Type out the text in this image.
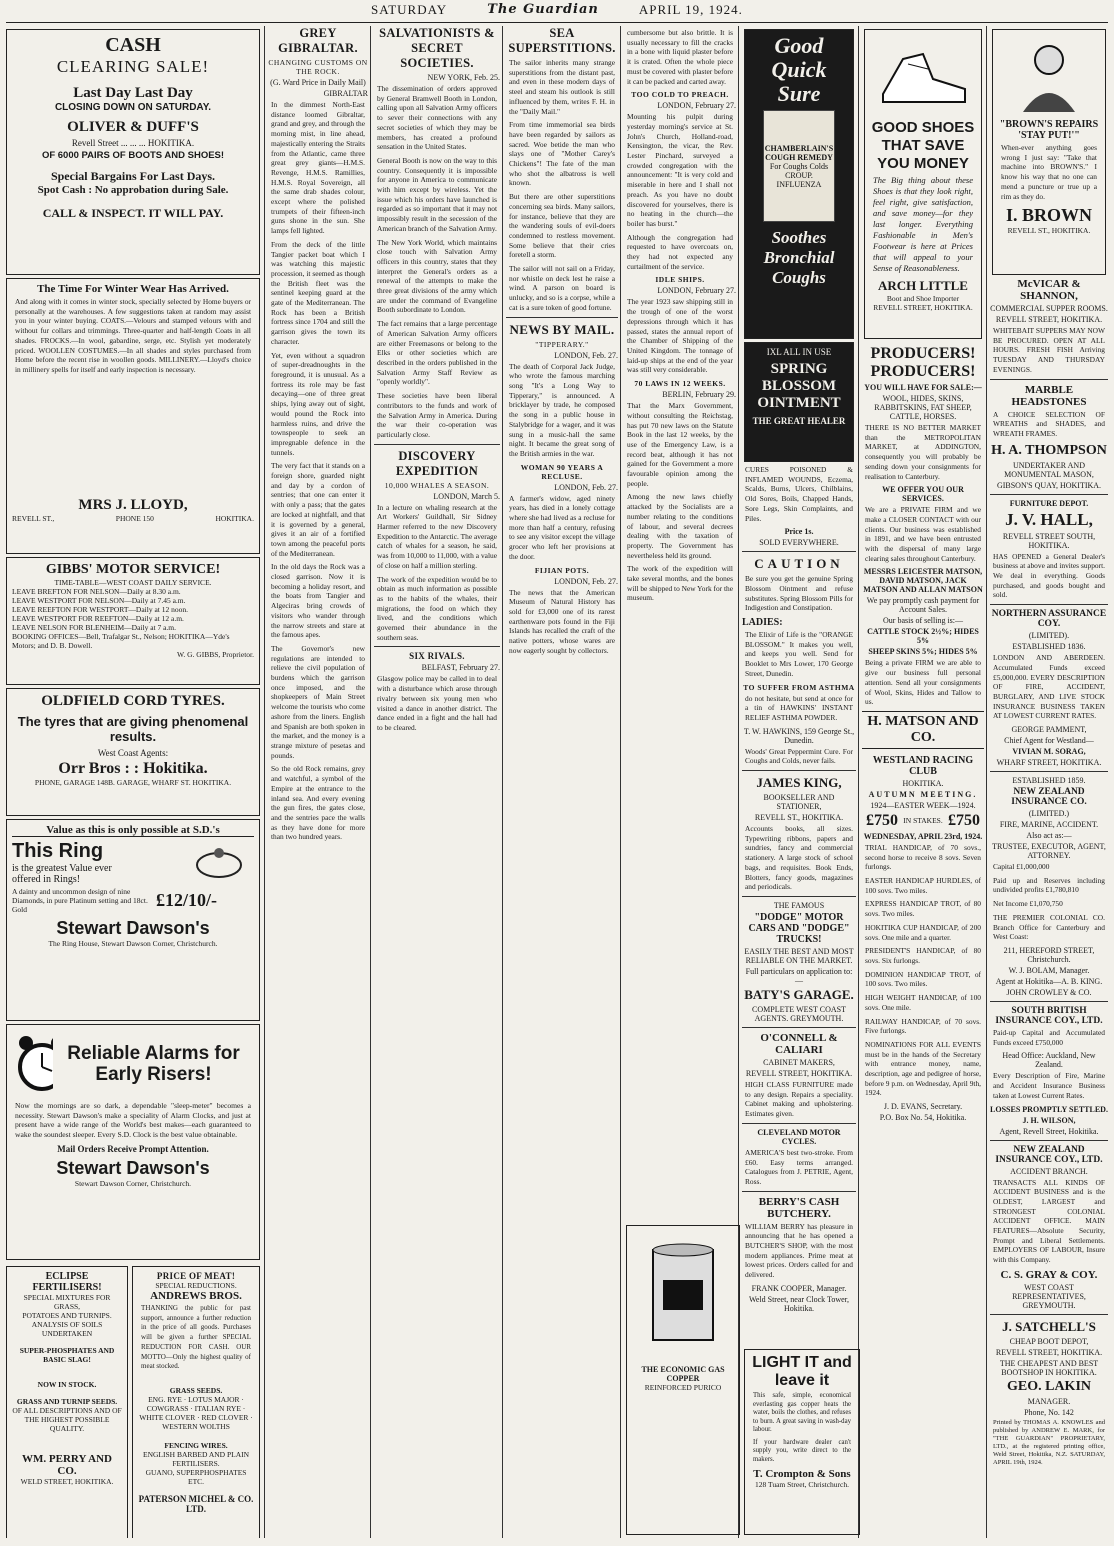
SATURDAY	The Guardian	APRIL 19, 1924.
CASH
CLEARING SALE!
Last Day Last Day
CLOSING DOWN ON SATURDAY.
OLIVER & DUFF'S
Revell Street ... ... ... HOKITIKA.
OF 6000 PAIRS OF BOOTS AND SHOES!
Special Bargains For Last Days.
Spot Cash : No approbation during Sale.
CALL & INSPECT. IT WILL PAY.
The Time For Winter Wear Has Arrived.
And along with it comes in winter stock, specially selected by Home buyers or personally at the warehouses. A few suggestions taken at random may assist you in your winter buying. COATS.—Velours and stamped velours with and without fur collars and trimmings. Three-quarter and half-length Coats in all shades. FROCKS.—In wool, gabardine, serge, etc. Stylish yet moderately priced. WOOLLEN COSTUMES.—In all shades and styles purchased from Home before the recent rise in woollen goods. MILLINERY.—Lloyd's choice in millinery spells for itself and early inspection is necessary.
MRS J. LLOYD,
REVELL ST.,	PHONE 150	HOKITIKA.
GIBBS' MOTOR SERVICE!
TIME-TABLE—WEST COAST DAILY SERVICE.
LEAVE BREFTON FOR NELSON—Daily at 8.30 a.m.
LEAVE WESTPORT FOR NELSON—Daily at 7.45 a.m.
LEAVE REEFTON FOR WESTPORT—Daily at 12 noon.
LEAVE WESTPORT FOR REEFTON—Daily at 12 a.m.
LEAVE NELSON FOR BLENHEIM—Daily at 7 a.m.
BOOKING OFFICES—Bell, Trafalgar St., Nelson; HOKITIKA—Yde's Motors; and D. B. Dowell.
W. G. GIBBS, Proprietor.
OLDFIELD CORD TYRES.
The tyres that are giving phenomenal results.
West Coast Agents:
Orr Bros : : Hokitika.
PHONE, GARAGE 148B. GARAGE, WHARF ST. HOKITIKA.
Value as this is only possible at S.D.'s
This Ring
is the greatest Value ever offered in Rings!
A dainty and uncommon design of nine Diamonds, in pure Platinum setting and 18ct. Gold	£12/10/-
Stewart Dawson's
The Ring House, Stewart Dawson Corner, Christchurch.
Reliable Alarms for Early Risers!
Now the mornings are so dark, a dependable "sleep-meter" becomes a necessity. Stewart Dawson's make a speciality of Alarm Clocks, and just at present have a wide range of the World's best makes—each guaranteed to wake the soundest sleeper. Every S.D. Clock is the best value obtainable.
Mail Orders Receive Prompt Attention.
Stewart Dawson's
Stewart Dawson Corner, Christchurch.
ECLIPSE FERTILISERS!
SPECIAL MIXTURES FOR GRASS,
POTATOES AND TURNIPS.
ANALYSIS OF SOILS UNDERTAKEN
SUPER-PHOSPHATES AND BASIC SLAG!
NOW IN STOCK.
GRASS AND TURNIP SEEDS.
OF ALL DESCRIPTIONS AND OF THE HIGHEST POSSIBLE QUALITY.
WM. PERRY AND CO.
WELD STREET, HOKITIKA.
PRICE OF MEAT!
SPECIAL REDUCTIONS.
ANDREWS BROS.
THANKING the public for past support, announce a further reduction in the price of all goods. Purchases will be given a further SPECIAL REDUCTION FOR CASH. OUR MOTTO—Only the highest quality of meat stocked.
GRASS SEEDS.
ENG. RYE · LOTUS MAJOR · COWGRASS · ITALIAN RYE · WHITE CLOVER · RED CLOVER · WESTERN WOLTHS
FENCING WIRES.
ENGLISH BARBED AND PLAIN FERTILISERS.
GUANO, SUPERPHOSPHATES ETC.
PATERSON MICHEL & CO. LTD.
GREY GIBRALTAR.
CHANGING CUSTOMS ON THE ROCK.
(G. Ward Price in Daily Mail)
GIBRALTAR
In the dimmest North-East distance loomed Gibraltar, grand and grey, and through the morning mist, in line ahead, majestically entering the Straits from the Atlantic, came three great grey giants—H.M.S. Revenge, H.M.S. Ramillies, H.M.S. Royal Sovereign, all the same drab shades colour, except where the polished trumpets of their fifteen-inch guns shone in the sun. She lamps fell lighted.
From the deck of the little Tangier packet boat which I was watching this majestic procession, it seemed as though the British fleet was the sentinel keeping guard at the gate of the Mediterranean. The Rock has been a British fortress since 1704 and still the garrison gives the town its character.
Yet, even without a squadron of super-dreadnoughts in the foreground, it is unusual. As a fortress its role may be fast decaying—one of three great ships, lying away out of sight, would pound the Rock into harmless ruins, and drive the townspeople to seek an impregnable defence in the tunnels.
The very fact that it stands on a foreign shore, guarded night and day by a cordon of sentries; that one can enter it with only a pass; that the gates are locked at nightfall, and that it is governed by a general, gives it an air of a fortified town among the peaceful ports of the Mediterranean.
In the old days the Rock was a closed garrison. Now it is becoming a holiday resort, and the boats from Tangier and Algeciras bring crowds of visitors who wander through the narrow streets and stare at the famous apes.
The Governor's new regulations are intended to relieve the civil population of burdens which the garrison once imposed, and the shopkeepers of Main Street welcome the tourists who come ashore from the liners. English and Spanish are both spoken in the market, and the money is a strange mixture of pesetas and pounds.
So the old Rock remains, grey and watchful, a symbol of the Empire at the entrance to the inland sea. And every evening the gun fires, the gates close, and the sentries pace the walls as they have done for more than two hundred years.
SALVATIONISTS & SECRET SOCIETIES.
NEW YORK, Feb. 25.
The dissemination of orders approved by General Bramwell Booth in London, calling upon all Salvation Army officers to sever their connections with any secret societies of which they may be members, has created a profound sensation in the United States.
General Booth is now on the way to this country. Consequently it is impossible for anyone in America to communicate with him except by wireless. Yet the issue which his orders have launched is regarded as so important that it may not impossibly result in the secession of the American branch of the Salvation Army.
The New York World, which maintains close touch with Salvation Army officers in this country, states that they interpret the General's orders as a renewal of the attempts to make the three great divisions of the army which are under the command of Evangeline Booth subordinate to London.
The fact remains that a large percentage of American Salvation Army officers are either Freemasons or belong to the Elks or other societies which are described in the orders published in the Salvation Army Staff Review as "openly worldly".
These societies have been liberal contributors to the funds and work of the Salvation Army in America. During the war their co-operation was particularly close.
DISCOVERY EXPEDITION
10,000 WHALES A SEASON.
LONDON, March 5.
In a lecture on whaling research at the Art Workers' Guildhall, Sir Sidney Harmer referred to the new Discovery Expedition to the Antarctic. The average catch of whales for a season, he said, was from 10,000 to 11,000, with a value of close on half a million sterling.
The work of the expedition would be to obtain as much information as possible as to the habits of the whales, their migrations, the food on which they lived, and the conditions which governed their abundance in the southern seas.
SIX RIVALS.
BELFAST, February 27.
Glasgow police may be called in to deal with a disturbance which arose through rivalry between six young men who visited a dance in another district. The dance ended in a fight and the hall had to be cleared.
SEA SUPERSTITIONS.
The sailor inherits many strange superstitions from the distant past, and even in these modern days of steel and steam his outlook is still influenced by them, writes F. H. in the "Daily Mail."
From time immemorial sea birds have been regarded by sailors as sacred. Woe betide the man who slays one of "Mother Carey's Chickens"! The fate of the man who shot the albatross is well known.
But there are other superstitions concerning sea birds. Many sailors, for instance, believe that they are the wandering souls of evil-doers condemned to restless movement. Some believe that their cries foretell a storm.
The sailor will not sail on a Friday, nor whistle on deck lest he raise a wind. A parson on board is unlucky, and so is a corpse, while a cat is a sure token of good fortune.
NEWS BY MAIL.
"TIPPERARY."
LONDON, Feb. 27.
The death of Corporal Jack Judge, who wrote the famous marching song "It's a Long Way to Tipperary," is announced. A bricklayer by trade, he composed the song in a public house in Stalybridge for a wager, and it was sung in a music-hall the same night. It became the great song of the British armies in the war.
WOMAN 90 YEARS A RECLUSE.
LONDON, Feb. 27.
A farmer's widow, aged ninety years, has died in a lonely cottage where she had lived as a recluse for more than half a century, refusing to see any visitor except the village grocer who left her provisions at the door.
FIJIAN POTS.
LONDON, Feb. 27.
The news that the American Museum of Natural History has sold for £3,000 one of its rarest earthenware pots found in the Fiji Islands has recalled the craft of the native potters, whose wares are now eagerly sought by collectors.
cumbersome but also brittle. It is usually necessary to fill the cracks in a bone with liquid plaster before it is crated. Often the whole piece must be covered with plaster before it can be packed and carted away.
TOO COLD TO PREACH.
LONDON, February 27.
Mounting his pulpit during yesterday morning's service at St. John's Church, Holland-road, Kensington, the vicar, the Rev. Lester Pinchard, surveyed a crowded congregation with the announcement: "It is very cold and miserable in here and I shall not preach. As you have no doubt discovered for yourselves, there is no heating in the church—the boiler has burst."
Although the congregation had requested to have overcoats on, they had not expected any curtailment of the service.
IDLE SHIPS.
LONDON, February 27.
The year 1923 saw shipping still in the trough of one of the worst depressions through which it has passed, states the annual report of the Chamber of Shipping of the United Kingdom. The tonnage of laid-up ships at the end of the year was still very considerable.
70 LAWS IN 12 WEEKS.
BERLIN, February 29.
That the Marx Government, without consulting the Reichstag, has put 70 new laws on the Statute Book in the last 12 weeks, by the use of the Emergency Law, is a record beat, although it has not gained for the Government a more favourable opinion among the people.
Among the new laws chiefly attacked by the Socialists are a number relating to the conditions of labour, and several decrees dealing with the taxation of property. The Government has nevertheless held its ground.
The work of the expedition will take several months, and the bones will be shipped to New York for the museum.
Good Quick Sure
CHAMBERLAIN'S COUGH REMEDY
For Coughs Colds CROUP.
INFLUENZA
Soothes Bronchial Coughs
IXL ALL IN USE
SPRING BLOSSOM OINTMENT
THE GREAT HEALER
CURES POISONED & INFLAMED WOUNDS, Eczema, Scalds, Burns, Ulcers, Chilblains, Old Sores, Boils, Chapped Hands, Sore Legs, Skin Complaints, and Piles.
Price 1s.
SOLD EVERYWHERE.
CAUTION
Be sure you get the genuine Spring Blossom Ointment and refuse substitutes. Spring Blossom Pills for Indigestion and Constipation.
LADIES:
The Elixir of Life is the "ORANGE BLOSSOM." It makes you well, and keeps you well. Send for Booklet to Mrs Lower, 170 George Street, Dunedin.
TO SUFFER FROM ASTHMA
do not hesitate, but send at once for a tin of HAWKINS' INSTANT RELIEF ASTHMA POWDER.
T. W. HAWKINS, 159 George St., Dunedin.
Woods' Great Peppermint Cure. For Coughs and Colds, never fails.
JAMES KING,
BOOKSELLER AND STATIONER,
REVELL ST., HOKITIKA.
Accounts books, all sizes. Typewriting ribbons, papers and sundries, fancy and commercial stationery. A large stock of school bags, and requisites. Book Ends, Blotters, fancy goods, magazines and periodicals.
THE FAMOUS
"DODGE" MOTOR CARS AND "DODGE" TRUCKS!
EASILY THE BEST AND MOST RELIABLE ON THE MARKET.
Full particulars on application to:—
BATY'S GARAGE.
COMPLETE WEST COAST AGENTS. GREYMOUTH.
O'CONNELL & CALIARI
CABINET MAKERS,
REVELL STREET, HOKITIKA.
HIGH CLASS FURNITURE made to any design. Repairs a speciality. Cabinet making and upholstering. Estimates given.
CLEVELAND MOTOR CYCLES.
AMERICA'S best two-stroke. From £60. Easy terms arranged. Catalogues from J. PETRIE, Agent, Ross.
BERRY'S CASH BUTCHERY.
WILLIAM BERRY has pleasure in announcing that he has opened a BUTCHER'S SHOP, with the most modern appliances. Prime meat at lowest prices. Orders called for and delivered.
FRANK COOPER, Manager.
Weld Street, near Clock Tower, Hokitika.
THE ECONOMIC GAS COPPER
REINFORCED PURICO
LIGHT IT and leave it
This safe, simple, economical everlasting gas copper heats the water, boils the clothes, and refuses to burn. A great saving in wash-day labour.
If your hardware dealer can't supply you, write direct to the makers.
T. Crompton & Sons
128 Tuam Street, Christchurch.
GOOD SHOES THAT SAVE YOU MONEY
The Big thing about these Shoes is that they look right, feel right, give satisfaction, and save money—for they last longer. Everything Fashionable in Men's Footwear is here at Prices that will appeal to your Sense of Reasonableness.
ARCH LITTLE
Boot and Shoe Importer
REVELL STREET, HOKITIKA.
PRODUCERS! PRODUCERS!
YOU WILL HAVE FOR SALE:—
WOOL, HIDES, SKINS, RABBITSKINS, FAT SHEEP, CATTLE, HORSES.
THERE IS NO BETTER MARKET than the METROPOLITAN MARKET, at ADDINGTON, consequently you will probably be sending down your consignments for realisation to Canterbury.
WE OFFER YOU OUR SERVICES.
We are a PRIVATE FIRM and we make a CLOSER CONTACT with our clients. Our business was established in 1891, and we have been entrusted with the dispersal of many large clearing sales throughout Canterbury.
MESSRS LEICESTER MATSON, DAVID MATSON, JACK MATSON AND ALLAN MATSON
We pay promptly cash payment for Account Sales.
Our basis of selling is:—
CATTLE STOCK 2½%; HIDES 5%
SHEEP SKINS 5%; HIDES 5%
Being a private FIRM we are able to give our business full personal attention. Send all your consignments of Wool, Skins, Hides and Tallow to us.
H. MATSON AND CO.
WESTLAND RACING CLUB
HOKITIKA.
AUTUMN MEETING.
1924—EASTER WEEK—1924.
£750 IN STAKES. £750
WEDNESDAY, APRIL 23rd, 1924.
TRIAL HANDICAP, of 70 sovs., second horse to receive 8 sovs. Seven furlongs.
EASTER HANDICAP HURDLES, of 100 sovs. Two miles.
EXPRESS HANDICAP TROT, of 80 sovs. Two miles.
HOKITIKA CUP HANDICAP, of 200 sovs. One mile and a quarter.
PRESIDENT'S HANDICAP, of 80 sovs. Six furlongs.
DOMINION HANDICAP TROT, of 100 sovs. Two miles.
HIGH WEIGHT HANDICAP, of 100 sovs. One mile.
RAILWAY HANDICAP, of 70 sovs. Five furlongs.
NOMINATIONS FOR ALL EVENTS must be in the hands of the Secretary with entrance money, name, description, age and pedigree of horse, before 9 p.m. on Wednesday, April 9th, 1924.
J. D. EVANS, Secretary.
P.O. Box No. 54, Hokitika.
"BROWN'S REPAIRS 'STAY PUT!'"
When-ever anything goes wrong I just say: "Take that machine into BROWN'S." I know his way that no one can mend a puncture or true up a rim as they do.
I. BROWN
REVELL ST., HOKITIKA.
McVICAR & SHANNON,
COMMERCIAL SUPPER ROOMS.
REVELL STREET, HOKITIKA.
WHITEBAIT SUPPERS MAY NOW BE PROCURED. OPEN AT ALL HOURS. FRESH FISH Arriving TUESDAY AND THURSDAY EVENINGS.
MARBLE HEADSTONES
A CHOICE SELECTION OF WREATHS and SHADES, and WREATH FRAMES.
H. A. THOMPSON
UNDERTAKER AND MONUMENTAL MASON,
GIBSON'S QUAY, HOKITIKA.
FURNITURE DEPOT.
J. V. HALL,
REVELL STREET SOUTH, HOKITIKA.
HAS OPENED a General Dealer's business at above and invites support. We deal in everything. Goods purchased, and goods bought and sold.
NORTHERN ASSURANCE COY.
(LIMITED).
ESTABLISHED 1836.
LONDON AND ABERDEEN. Accumulated Funds exceed £5,000,000. EVERY DESCRIPTION OF FIRE, ACCIDENT, BURGLARY, AND LIVE STOCK INSURANCE BUSINESS TAKEN AT LOWEST CURRENT RATES.
GEORGE PAMMENT,
Chief Agent for Westland—
VIVIAN M. SORAG,
WHARF STREET, HOKITIKA.
ESTABLISHED 1859.
NEW ZEALAND INSURANCE CO.
(LIMITED.)
FIRE, MARINE, ACCIDENT.
Also act as:—
TRUSTEE, EXECUTOR, AGENT, ATTORNEY.
Capital £1,000,000
Paid up and Reserves including undivided profits £1,780,810
Net Income £1,070,750
THE PREMIER COLONIAL CO. Branch Office for Canterbury and West Coast:
211, HEREFORD STREET, Christchurch.
W. J. BOLAM, Manager.
Agent at Hokitika—A. B. KING.
JOHN CROWLEY & CO.
SOUTH BRITISH INSURANCE COY., LTD.
Paid-up Capital and Accumulated Funds exceed £750,000
Head Office: Auckland, New Zealand.
Every Description of Fire, Marine and Accident Insurance Business taken at Lowest Current Rates.
LOSSES PROMPTLY SETTLED.
J. H. WILSON,
Agent, Revell Street, Hokitika.
NEW ZEALAND INSURANCE COY., LTD.
ACCIDENT BRANCH.
TRANSACTS ALL KINDS OF ACCIDENT BUSINESS and is the OLDEST, LARGEST and STRONGEST COLONIAL ACCIDENT OFFICE. MAIN FEATURES—Absolute Security, Prompt and Liberal Settlements. EMPLOYERS OF LABOUR, Insure with this Company.
C. S. GRAY & COY.
WEST COAST REPRESENTATIVES, GREYMOUTH.
J. SATCHELL'S
CHEAP BOOT DEPOT,
REVELL STREET, HOKITIKA.
THE CHEAPEST AND BEST BOOTSHOP IN HOKITIKA.
GEO. LAKIN
MANAGER.
Phone, No. 142
Printed by THOMAS A. KNOWLES and published by ANDREW E. MARK, for "THE GUARDIAN" PROPRIETARY, LTD., at the registered printing office, Weld Street, Hokitika, N.Z. SATURDAY, APRIL 19th, 1924.
